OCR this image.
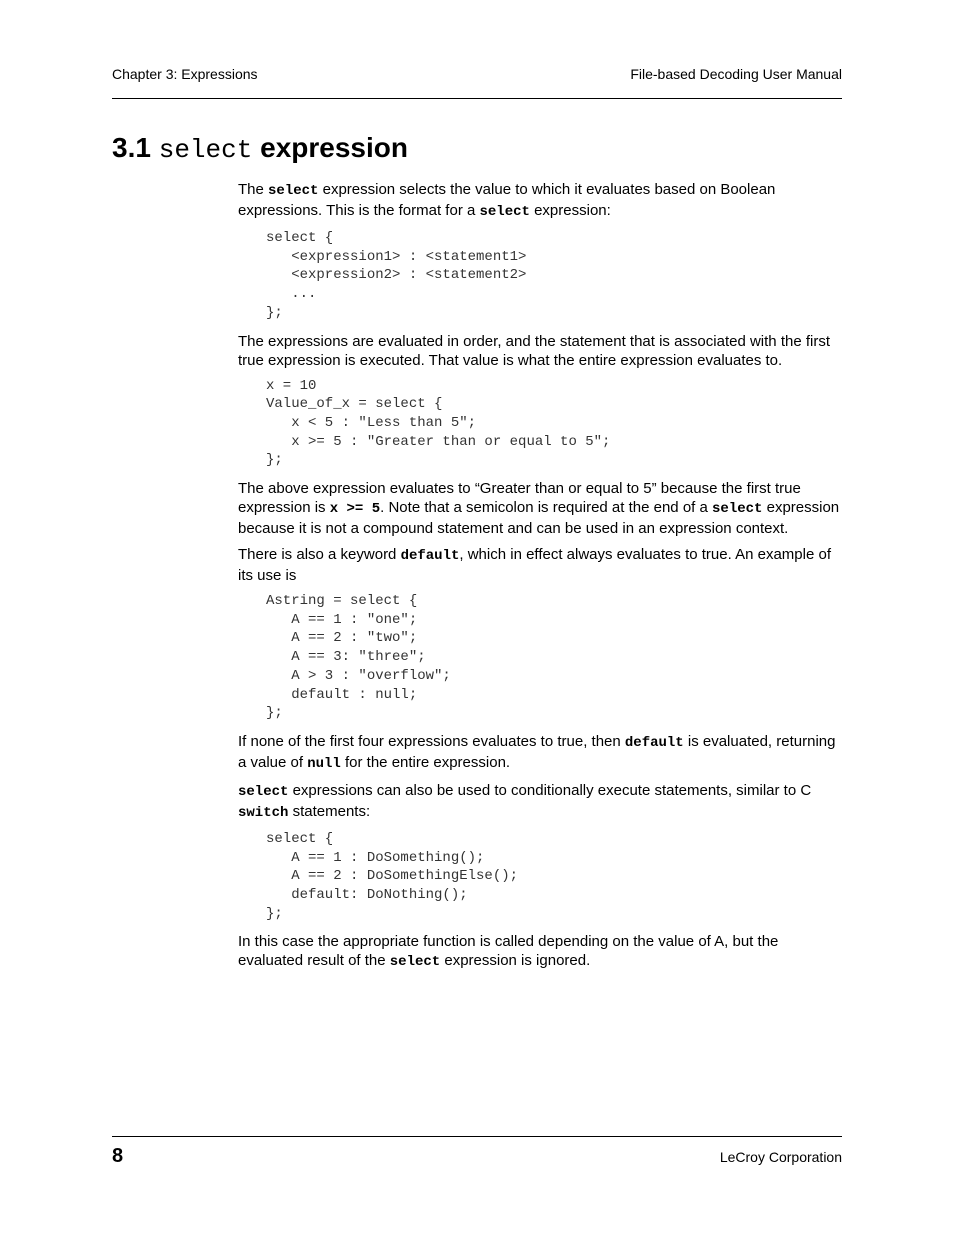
Chapter 3: Expressions	File-based Decoding User Manual
3.1 select expression

The select expression selects the value to which it evaluates based on Boolean expressions. This is the format for a select expression:

select {
<expression1> : <statement1>
<expression2> : <statement2>
...
};

The expressions are evaluated in order, and the statement that is associated with the first true expression is executed. That value is what the entire expression evaluates to.

x = 10
Value_of_x = select {
x < 5 : "Less than 5";
x >= 5 : "Greater than or equal to 5";
};

The above expression evaluates to “Greater than or equal to 5” because the first true expression is x >= 5. Note that a semicolon is required at the end of a select expression because it is not a compound statement and can be used in an expression context.

There is also a keyword default, which in effect always evaluates to true. An example of its use is

Astring = select {
A == 1 : "one";
A == 2 : "two";
A == 3: "three";
A > 3 : "overflow";
default : null;
};

If none of the first four expressions evaluates to true, then default is evaluated, returning a value of null for the entire expression.

select expressions can also be used to conditionally execute statements, similar to C switch statements:

select {
A == 1 : DoSomething();
A == 2 : DoSomethingElse();
default: DoNothing();
};

In this case the appropriate function is called depending on the value of A, but the evaluated result of the select expression is ignored.

8	LeCroy Corporation
